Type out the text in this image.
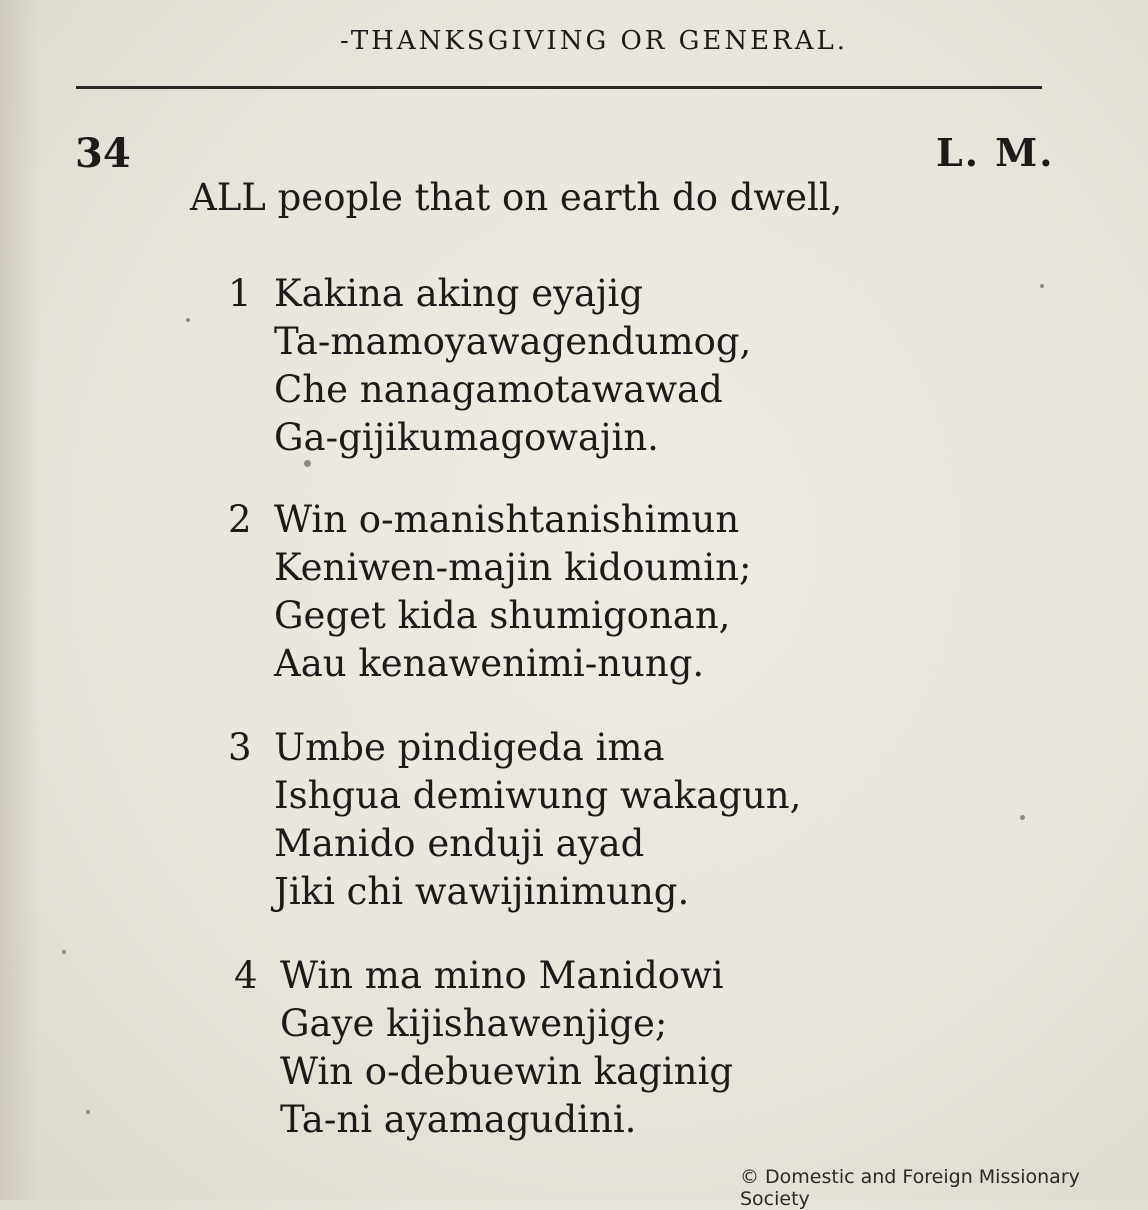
-THANKSGIVING OR GENERAL.
34	L. M.
ALL people that on earth do dwell,
1 Kakina aking eyajig
Ta-mamoyawagendumog,
Che nanagamotawawad
Ga-gijikumagowajin.
2 Win o-manishtanishimun
Keniwen-majin kidoumin;
Geget kida shumigonan,
Aau kenawenimi-nung.
3 Umbe pindigeda ima
Ishgua demiwung wakagun,
Manido enduji ayad
Jiki chi wawijinimung.
4 Win ma mino Manidowi
Gaye kijishawenjige;
Win o-debuewin kaginig
Ta-ni ayamagudini.
© Domestic and Foreign Missionary Society
